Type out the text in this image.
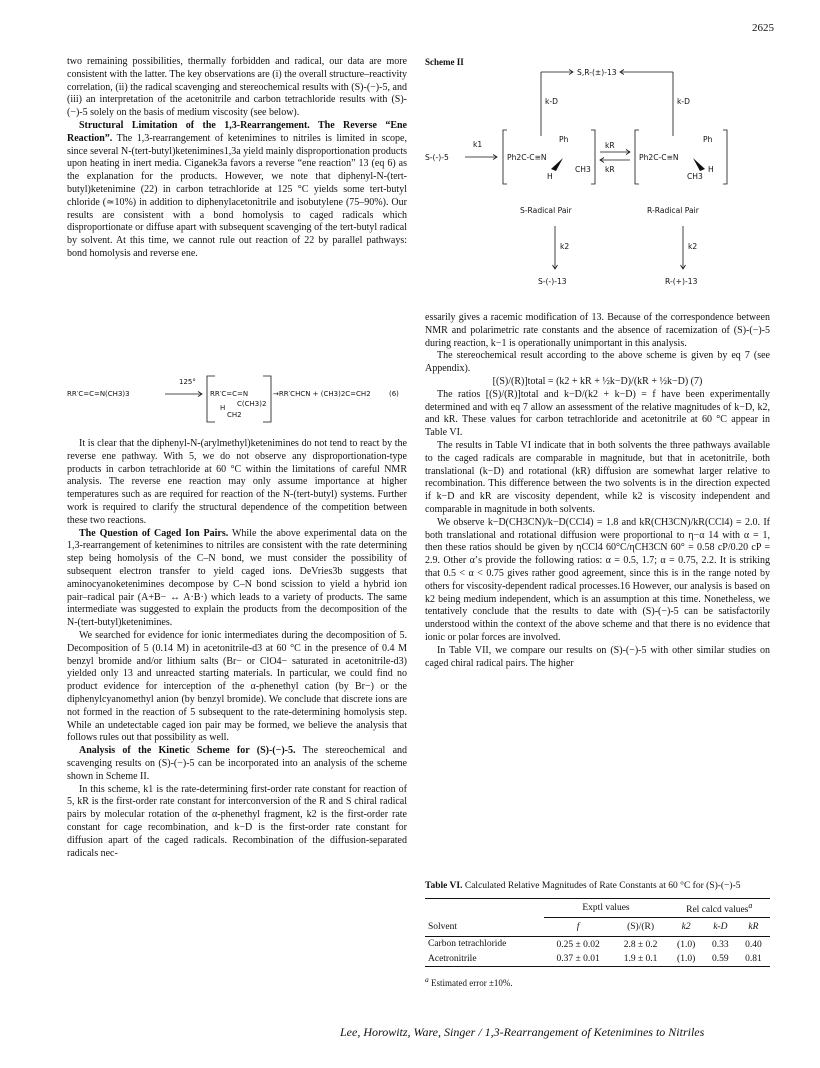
2625

two remaining possibilities, thermally forbidden and radical, our data are more consistent with the latter. The key observations are (i) the overall structure–reactivity correlation, (ii) the radical scavenging and stereochemical results with (S)-(−)-5, and (iii) an interpretation of the acetonitrile and carbon tetrachloride results with (S)-(−)-5 solely on the basis of medium viscosity (see below).

Structural Limitation of the 1,3-Rearrangement. The Reverse “Ene Reaction”. The 1,3-rearrangement of ketenimines to nitriles is limited in scope, since several N-(tert-butyl)ketenimines1,3a yield mainly disproportionation products upon heating in inert media. Ciganek3a favors a reverse “ene reaction” 13 (eq 6) as the explanation for the products. However, we note that diphenyl-N-(tert-butyl)ketenimine (22) in carbon tetrachloride at 125 °C yields some tert-butyl chloride (≃10%) in addition to diphenylacetonitrile and isobutylene (75–90%). Our results are consistent with a bond homolysis to caged radicals which disproportionate or diffuse apart with subsequent scavenging of the tert-butyl radical by solvent. At this time, we cannot rule out reaction of 22 by parallel pathways: bond homolysis and reverse ene.

RR′C=C=N(CH3)3
125°
RR′C=C=N
C(CH3)2
H
CH2
→RR′CHCN + (CH3)2C=CH2	(6)

It is clear that the diphenyl-N-(arylmethyl)ketenimines do not tend to react by the reverse ene pathway. With 5, we do not observe any disproportionation-type products in carbon tetrachloride at 60 °C within the limitations of careful NMR analysis. The reverse ene reaction may only assume importance at higher temperatures such as are required for reaction of the N-(tert-butyl) systems. Further work is required to clarify the structural dependence of the competition between these two reactions.

The Question of Caged Ion Pairs. While the above experimental data on the 1,3-rearrangement of ketenimines to nitriles are consistent with the rate determining step being homolysis of the C–N bond, we must consider the possibility of subsequent electron transfer to yield caged ions. DeVries3b suggests that aminocyanoketenimines decompose by C–N bond scission to yield a hybrid ion pair–radical pair (A+B− ↔ A·B·) which leads to a variety of products. The same intermediate was suggested to explain the products from the decomposition of the N-(tert-butyl)ketenimines.

We searched for evidence for ionic intermediates during the decomposition of 5. Decomposition of 5 (0.14 M) in acetonitrile-d3 at 60 °C in the presence of 0.4 M benzyl bromide and/or lithium salts (Br− or ClO4− saturated in acetonitrile-d3) yielded only 13 and unreacted starting materials. In particular, we could find no product evidence for interception of the α-phenethyl cation (by Br−) or the diphenylcyanomethyl anion (by benzyl bromide). We conclude that discrete ions are not formed in the reaction of 5 subsequent to the rate-determining homolysis step. While an undetectable caged ion pair may be formed, we believe the analysis that follows rules out that possibility as well.

Analysis of the Kinetic Scheme for (S)-(−)-5. The stereochemical and scavenging results on (S)-(−)-5 can be incorporated into an analysis of the scheme shown in Scheme II.

In this scheme, k1 is the rate-determining first-order rate constant for reaction of 5, kR is the first-order rate constant for interconversion of the R and S chiral radical pairs by molecular rotation of the α-phenethyl fragment, k2 is the first-order rate constant for cage recombination, and k−D is the first-order rate constant for diffusion apart of the caged radicals. Recombination of the diffusion-separated radicals nec-

Scheme II
S,R-(±)-13
k-D	k-D
S-(-)-5
k1
Ph
Ph2C-C≡N
H
CH3
kR
kR
Ph
Ph2C-C≡N
CH3
H
S-Radical Pair	R-Radical Pair
k2	k2
S-(-)-13	R-(+)-13

essarily gives a racemic modification of 13. Because of the correspondence between NMR and polarimetric rate constants and the absence of racemization of (S)-(−)-5 during reaction, k−1 is operationally unimportant in this analysis.

The stereochemical result according to the above scheme is given by eq 7 (see Appendix).

[(S)/(R)]total = (k2 + kR + ½k−D)/(kR + ½k−D) (7)

The ratios [(S)/(R)]total and k−D/(k2 + k−D) = f have been experimentally determined and with eq 7 allow an assessment of the relative magnitudes of k−D, k2, and kR. These values for carbon tetrachloride and acetonitrile at 60 °C appear in Table VI.

The results in Table VI indicate that in both solvents the three pathways available to the caged radicals are comparable in magnitude, but that in acetonitrile, both translational (k−D) and rotational (kR) diffusion are somewhat larger relative to recombination. This difference between the two solvents is in the direction expected if k−D and kR are viscosity dependent, while k2 is viscosity independent and comparable in magnitude in both solvents.

We observe k−D(CH3CN)/k−D(CCl4) = 1.8 and kR(CH3CN)/kR(CCl4) = 2.0. If both translational and rotational diffusion were proportional to η−α 14 with α = 1, then these ratios should be given by ηCCl4 60°C/ηCH3CN 60° = 0.58 cP/0.20 cP = 2.9. Other α’s provide the following ratios: α = 0.5, 1.7; α = 0.75, 2.2. It is striking that 0.5 < α < 0.75 gives rather good agreement, since this is in the range noted by others for viscosity-dependent radical processes.16 However, our analysis is based on k2 being medium independent, which is an assumption at this time. Nonetheless, we tentatively conclude that the results to date with (S)-(−)-5 can be satisfactorily understood within the context of the above scheme and that there is no evidence that ionic or polar forces are involved.

In Table VII, we compare our results on (S)-(−)-5 with other similar studies on caged chiral radical pairs. The higher

Table VI. Calculated Relative Magnitudes of Rate Constants at 60 °C for (S)-(−)-5

	Exptl values		Rel calcd values$^a$
Solvent	f	(S)/(R)	k2	k-D	kR
Carbon tetrachloride	0.25 ± 0.02	2.8 ± 0.2	(1.0)	0.33	0.40
Acetronitrile	0.37 ± 0.01	1.9 ± 0.1	(1.0)	0.59	0.81
$^a$ Estimated error ±10%.
Lee, Horowitz, Ware, Singer / 1,3-Rearrangement of Ketenimines to Nitriles
